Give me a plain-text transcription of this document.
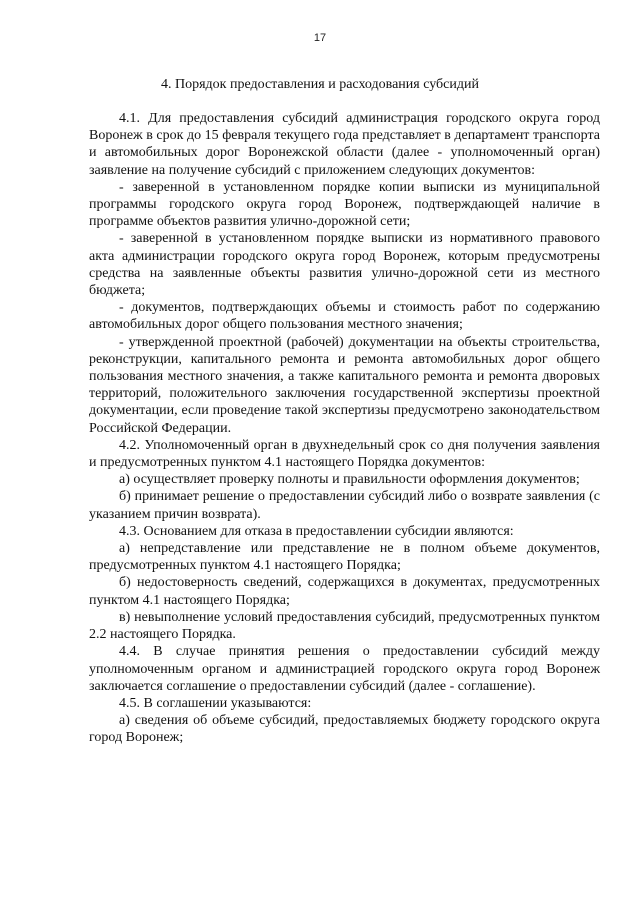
17
4. Порядок предоставления и расходования субсидий

4.1. Для предоставления субсидий администрация городского округа город Воронеж в срок до 15 февраля текущего года представляет в департамент транспорта и автомобильных дорог Воронежской области (далее - уполномоченный орган) заявление на получение субсидий с приложением следующих документов:

- заверенной в установленном порядке копии выписки из муниципальной программы городского округа город Воронеж, подтверждающей наличие в программе объектов развития улично-дорожной сети;

- заверенной в установленном порядке выписки из нормативного правового акта администрации городского округа город Воронеж, которым предусмотрены средства на заявленные объекты развития улично-дорожной сети из местного бюджета;

- документов, подтверждающих объемы и стоимость работ по содержанию автомобильных дорог общего пользования местного значения;

- утвержденной проектной (рабочей) документации на объекты строительства, реконструкции, капитального ремонта и ремонта автомобильных дорог общего пользования местного значения, а также капитального ремонта и ремонта дворовых территорий, положительного заключения государственной экспертизы проектной документации, если проведение такой экспертизы предусмотрено законодательством Российской Федерации.

4.2. Уполномоченный орган в двухнедельный срок со дня получения заявления и предусмотренных пунктом 4.1 настоящего Порядка документов:

а) осуществляет проверку полноты и правильности оформления документов;

б) принимает решение о предоставлении субсидий либо о возврате заявления (с указанием причин возврата).

4.3. Основанием для отказа в предоставлении субсидии являются:

а) непредставление или представление не в полном объеме документов, предусмотренных пунктом 4.1 настоящего Порядка;

б) недостоверность сведений, содержащихся в документах, предусмотренных пунктом 4.1 настоящего Порядка;

в) невыполнение условий предоставления субсидий, предусмотренных пунктом 2.2 настоящего Порядка.

4.4. В случае принятия решения о предоставлении субсидий между уполномоченным органом и администрацией городского округа город Воронеж заключается соглашение о предоставлении субсидий (далее - соглашение).

4.5. В соглашении указываются:

а) сведения об объеме субсидий, предоставляемых бюджету городского округа город Воронеж;
